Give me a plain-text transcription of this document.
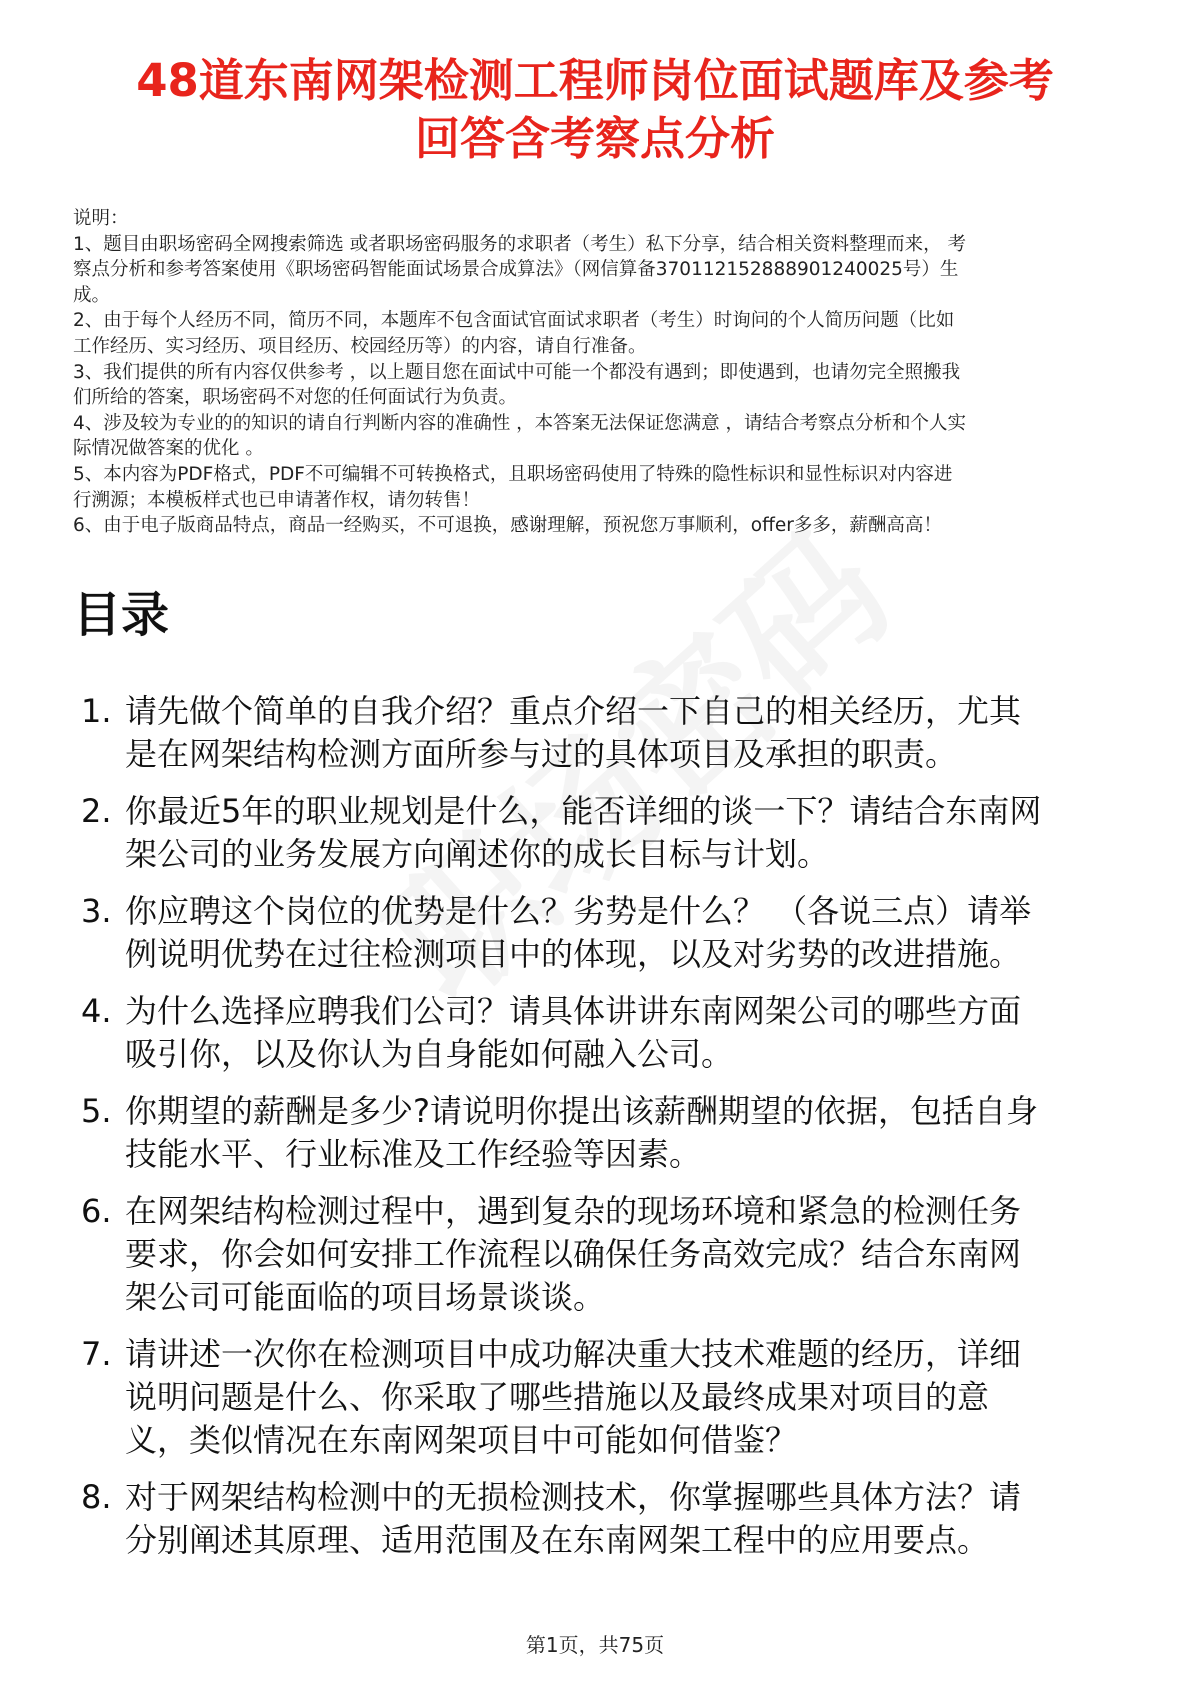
48道东南网架检测工程师岗位面试题库及参考
回答含考察点分析
说明：
1、题目由职场密码全网搜索筛选 或者职场密码服务的求职者（考生）私下分享，结合相关资料整理而来， 考
察点分析和参考答案使用《职场密码智能面试场景合成算法》（网信算备370112152888901240025号）生
成。
2、由于每个人经历不同，简历不同，本题库不包含面试官面试求职者（考生）时询问的个人简历问题（比如
工作经历、实习经历、项目经历、校园经历等）的内容，请自行准备。
3、我们提供的所有内容仅供参考 ，以上题目您在面试中可能一个都没有遇到；即使遇到，也请勿完全照搬我
们所给的答案，职场密码不对您的任何面试行为负责。
4、涉及较为专业的的知识的请自行判断内容的准确性 ，本答案无法保证您满意 ，请结合考察点分析和个人实
际情况做答案的优化 。
5、本内容为PDF格式，PDF不可编辑不可转换格式，且职场密码使用了特殊的隐性标识和显性标识对内容进
行溯源；本模板样式也已申请著作权，请勿转售！
6、由于电子版商品特点，商品一经购买，不可退换，感谢理解，预祝您万事顺利，offer多多，薪酬高高！
目录
1. 请先做个简单的自我介绍？重点介绍一下自己的相关经历，尤其
是在网架结构检测方面所参与过的具体项目及承担的职责。
2. 你最近5年的职业规划是什么，能否详细的谈一下？请结合东南网
架公司的业务发展方向阐述你的成长目标与计划。
3. 你应聘这个岗位的优势是什么？劣势是什么？ （各说三点）请举
例说明优势在过往检测项目中的体现，以及对劣势的改进措施。
4. 为什么选择应聘我们公司？请具体讲讲东南网架公司的哪些方面
吸引你，以及你认为自身能如何融入公司。
5. 你期望的薪酬是多少?请说明你提出该薪酬期望的依据，包括自身
技能水平、行业标准及工作经验等因素。
6. 在网架结构检测过程中，遇到复杂的现场环境和紧急的检测任务
要求，你会如何安排工作流程以确保任务高效完成？结合东南网
架公司可能面临的项目场景谈谈。
7. 请讲述一次你在检测项目中成功解决重大技术难题的经历，详细
说明问题是什么、你采取了哪些措施以及最终成果对项目的意
义，类似情况在东南网架项目中可能如何借鉴？
8. 对于网架结构检测中的无损检测技术，你掌握哪些具体方法？请
分别阐述其原理、适用范围及在东南网架工程中的应用要点。
第1页，共75页
